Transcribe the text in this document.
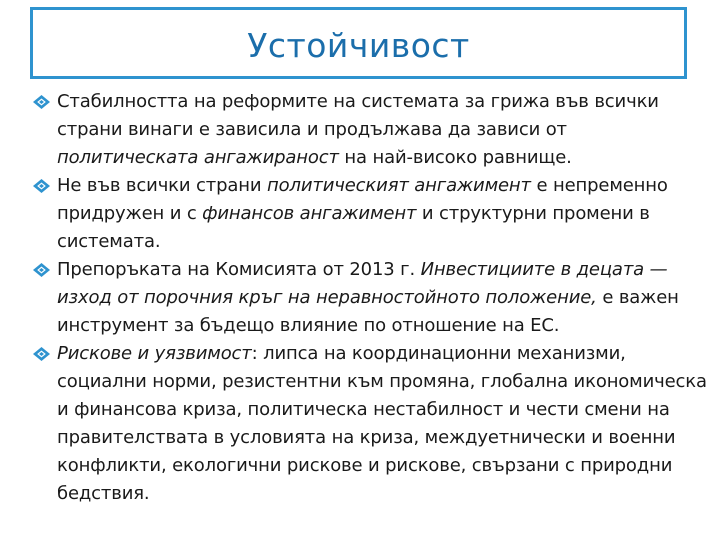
Устойчивост
Стабилността на реформите на системата за грижа във всички страни винаги е зависила и продължава да зависи от политическата ангажираност на най-високо равнище.
Не във всички страни политическият ангажимент е непременно придружен и с финансов ангажимент и структурни промени в системата.
Препоръката на Комисията от 2013 г. Инвестициите в децата — изход от порочния кръг на неравностойното положение, е важен инструмент за бъдещо влияние по отношение на ЕС.
Рискове и уязвимост: липса на координационни механизми, социални норми, резистентни към промяна, глобална икономическа и финансова криза, политическа нестабилност и чести смени на правителствата в условията на криза, междуетнически и военни конфликти, екологични рискове и рискове, свързани с природни бедствия.
